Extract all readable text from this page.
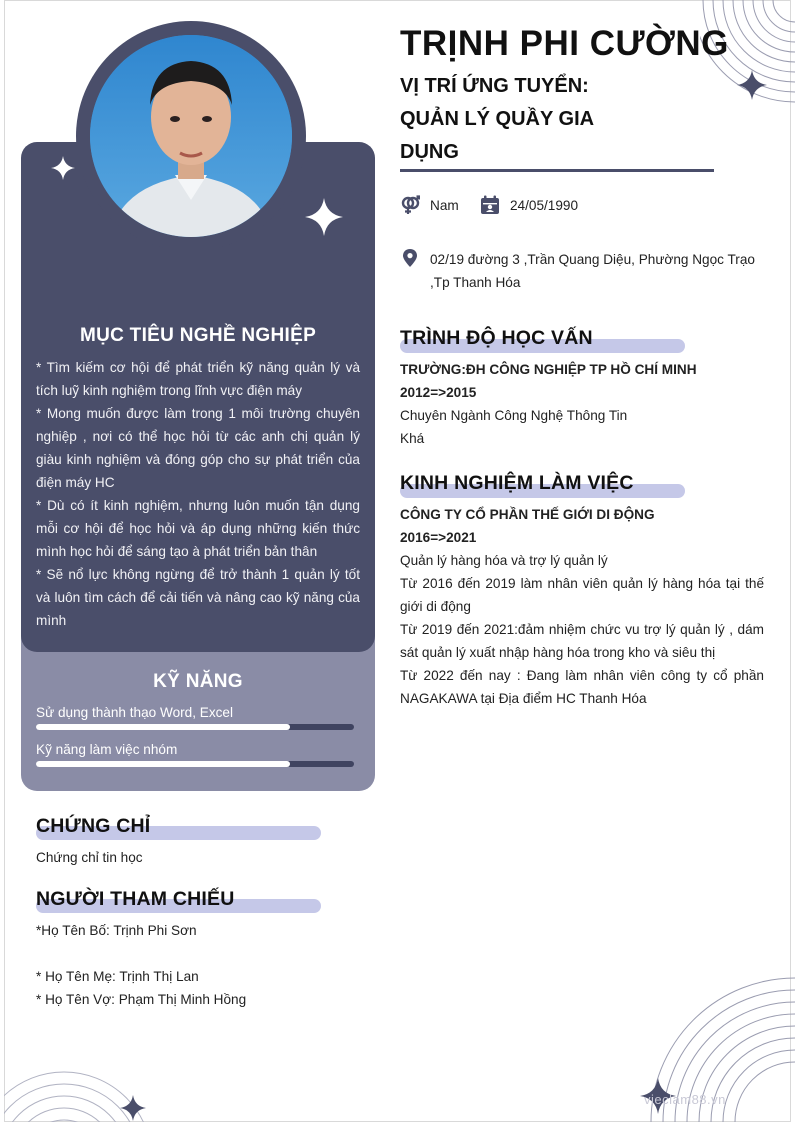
MỤC TIÊU NGHỀ NGHIỆP

* Tìm kiếm cơ hội để phát triển kỹ năng quản lý và tích luỹ kinh nghiệm trong lĩnh vực điện máy

* Mong muốn được làm trong 1 môi trường chuyên nghiệp , nơi có thể học hỏi từ các anh chị quản lý giàu kinh nghiệm và đóng góp cho sự phát triển của điện máy HC

* Dù có ít kinh nghiệm, nhưng luôn muốn tận dụng mỗi cơ hội để học hỏi và áp dụng những kiến thức mình học hỏi để sáng tạo à phát triển bản thân

* Sẽ nổ lực không ngừng để trở thành 1 quản lý tốt và luôn tìm cách để cải tiến và nâng cao kỹ năng của mình

KỸ NĂNG
Sử dụng thành thạo Word, Excel
Kỹ năng làm việc nhóm
CHỨNG CHỈ
Chứng chỉ tin học
NGƯỜI THAM CHIẾU
*Họ Tên Bố: Trịnh Phi Sơn
* Họ Tên Mẹ: Trịnh Thị Lan
* Họ Tên Vợ: Phạm Thị Minh Hồng
TRỊNH PHI CƯỜNG
VỊ TRÍ ỨNG TUYỂN:
QUẢN LÝ QUẦY GIA
DỤNG
Nam	24/05/1990
02/19 đường 3 ,Trần Quang Diệu, Phường Ngọc Trạo
,Tp Thanh Hóa
TRÌNH ĐỘ HỌC VẤN
TRƯỜNG:ĐH CÔNG NGHIỆP TP HỒ CHÍ MINH
2012=>2015
Chuyên Ngành Công Nghệ Thông Tin
Khá
KINH NGHIỆM LÀM VIỆC
CÔNG TY CỔ PHẦN THẾ GIỚI DI ĐỘNG
2016=>2021
Quản lý hàng hóa và trợ lý quản lý
Từ 2016 đến 2019 làm nhân viên quản lý hàng hóa tại thế giới di động
Từ 2019 đến 2021:đảm nhiệm chức vu trợ lý quản lý , dám sát quản lý xuất nhập hàng hóa trong kho và siêu thị
Từ 2022 đến nay : Đang làm nhân viên công ty cổ phần NAGAKAWA tại Địa điểm HC Thanh Hóa
vieclam88.vn
